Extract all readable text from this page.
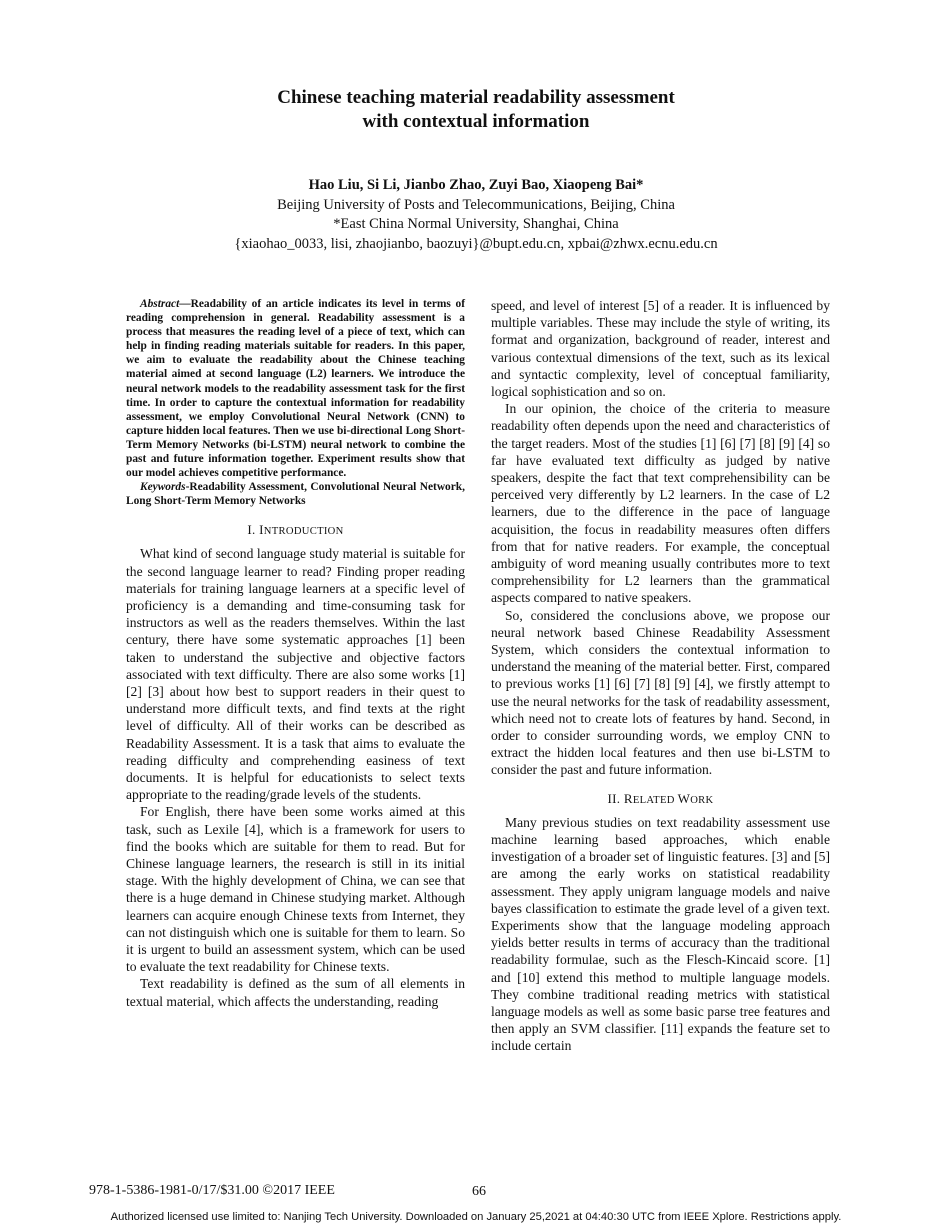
Chinese teaching material readability assessment
with contextual information
Hao Liu, Si Li, Jianbo Zhao, Zuyi Bao, Xiaopeng Bai*
Beijing University of Posts and Telecommunications, Beijing, China
*East China Normal University, Shanghai, China
{xiaohao_0033, lisi, zhaojianbo, baozuyi}@bupt.edu.cn, xpbai@zhwx.ecnu.edu.cn

Abstract—Readability of an article indicates its level in terms of reading comprehension in general. Readability assessment is a process that measures the reading level of a piece of text, which can help in finding reading materials suitable for readers. In this paper, we aim to evaluate the readability about the Chinese teaching material aimed at second language (L2) learners. We introduce the neural network models to the readability assessment task for the first time. In order to capture the contextual information for readability assessment, we employ Convolutional Neural Network (CNN) to capture hidden local features. Then we use bi-directional Long Short-Term Memory Networks (bi-LSTM) neural network to combine the past and future information together. Experiment results show that our model achieves competitive performance.

Keywords-Readability Assessment, Convolutional Neural Network, Long Short-Term Memory Networks

I. INTRODUCTION

What kind of second language study material is suitable for the second language learner to read? Finding proper reading materials for training language learners at a specific level of proficiency is a demanding and time-consuming task for instructors as well as the readers themselves. Within the last century, there have some systematic approaches [1] been taken to understand the subjective and objective factors associated with text difficulty. There are also some works [1] [2] [3] about how best to support readers in their quest to understand more difficult texts, and find texts at the right level of difficulty. All of their works can be described as Readability Assessment. It is a task that aims to evaluate the reading difficulty and comprehending easiness of text documents. It is helpful for educationists to select texts appropriate to the reading/grade levels of the students.

For English, there have been some works aimed at this task, such as Lexile [4], which is a framework for users to find the books which are suitable for them to read. But for Chinese language learners, the research is still in its initial stage. With the highly development of China, we can see that there is a huge demand in Chinese studying market. Although learners can acquire enough Chinese texts from Internet, they can not distinguish which one is suitable for them to learn. So it is urgent to build an assessment system, which can be used to evaluate the text readability for Chinese texts.

Text readability is defined as the sum of all elements in textual material, which affects the understanding, reading

speed, and level of interest [5] of a reader. It is influenced by multiple variables. These may include the style of writing, its format and organization, background of reader, interest and various contextual dimensions of the text, such as its lexical and syntactic complexity, level of conceptual familiarity, logical sophistication and so on.

In our opinion, the choice of the criteria to measure readability often depends upon the need and characteristics of the target readers. Most of the studies [1] [6] [7] [8] [9] [4] so far have evaluated text difficulty as judged by native speakers, despite the fact that text comprehensibility can be perceived very differently by L2 learners. In the case of L2 learners, due to the difference in the pace of language acquisition, the focus in readability measures often differs from that for native readers. For example, the conceptual ambiguity of word meaning usually contributes more to text comprehensibility for L2 learners than the grammatical aspects compared to native speakers.

So, considered the conclusions above, we propose our neural network based Chinese Readability Assessment System, which considers the contextual information to understand the meaning of the material better. First, compared to previous works [1] [6] [7] [8] [9] [4], we firstly attempt to use the neural networks for the task of readability assessment, which need not to create lots of features by hand. Second, in order to consider surrounding words, we employ CNN to extract the hidden local features and then use bi-LSTM to consider the past and future information.

II. RELATED WORK

Many previous studies on text readability assessment use machine learning based approaches, which enable investigation of a broader set of linguistic features. [3] and [5] are among the early works on statistical readability assessment. They apply unigram language models and naive bayes classification to estimate the grade level of a given text. Experiments show that the language modeling approach yields better results in terms of accuracy than the traditional readability formulae, such as the Flesch-Kincaid score. [1] and [10] extend this method to multiple language models. They combine traditional reading metrics with statistical language models as well as some basic parse tree features and then apply an SVM classifier. [11] expands the feature set to include certain

978-1-5386-1981-0/17/$31.00 ©2017 IEEE	66
Authorized licensed use limited to: Nanjing Tech University. Downloaded on January 25,2021 at 04:40:30 UTC from IEEE Xplore. Restrictions apply.
